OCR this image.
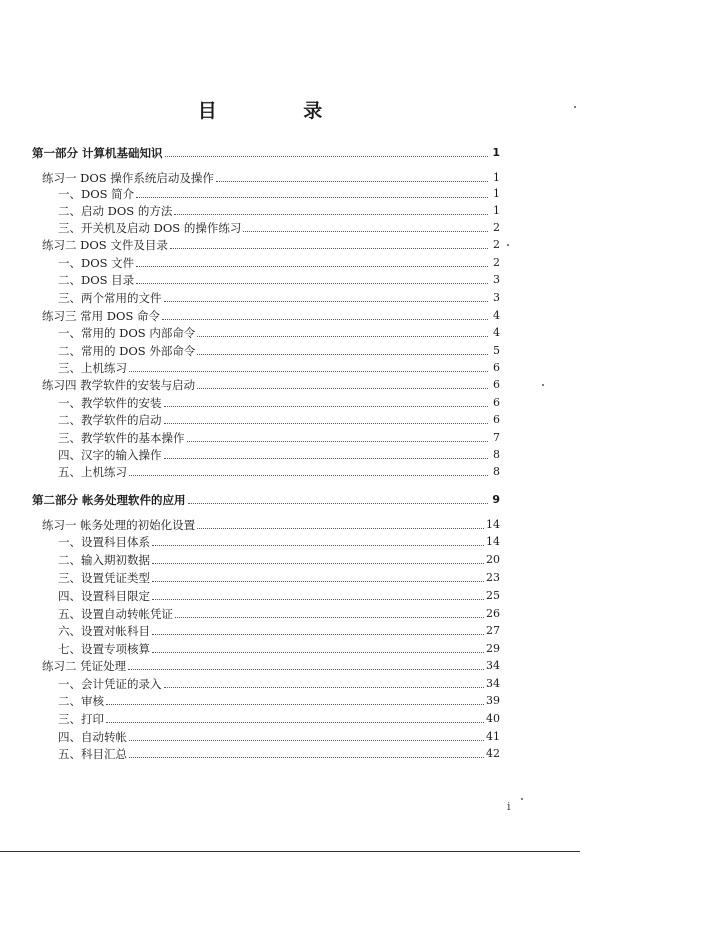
目 录
第一部分 计算机基础知识	1
练习一 DOS 操作系统启动及操作	1
一、DOS 简介	1
二、启动 DOS 的方法	1
三、开关机及启动 DOS 的操作练习	2
练习二 DOS 文件及目录	2
一、DOS 文件	2
二、DOS 目录	3
三、两个常用的文件	3
练习三 常用 DOS 命令	4
一、常用的 DOS 内部命令	4
二、常用的 DOS 外部命令	5
三、上机练习	6
练习四 教学软件的安装与启动	6
一、教学软件的安装	6
二、教学软件的启动	6
三、教学软件的基本操作	7
四、汉字的输入操作	8
五、上机练习	8
第二部分 帐务处理软件的应用	9
练习一 帐务处理的初始化设置	14
一、设置科目体系	14
二、输入期初数据	20
三、设置凭证类型	23
四、设置科目限定	25
五、设置自动转帐凭证	26
六、设置对帐科目	27
七、设置专项核算	29
练习二 凭证处理	34
一、会计凭证的录入	34
二、审核	39
三、打印	40
四、自动转帐	41
五、科目汇总	42
i
